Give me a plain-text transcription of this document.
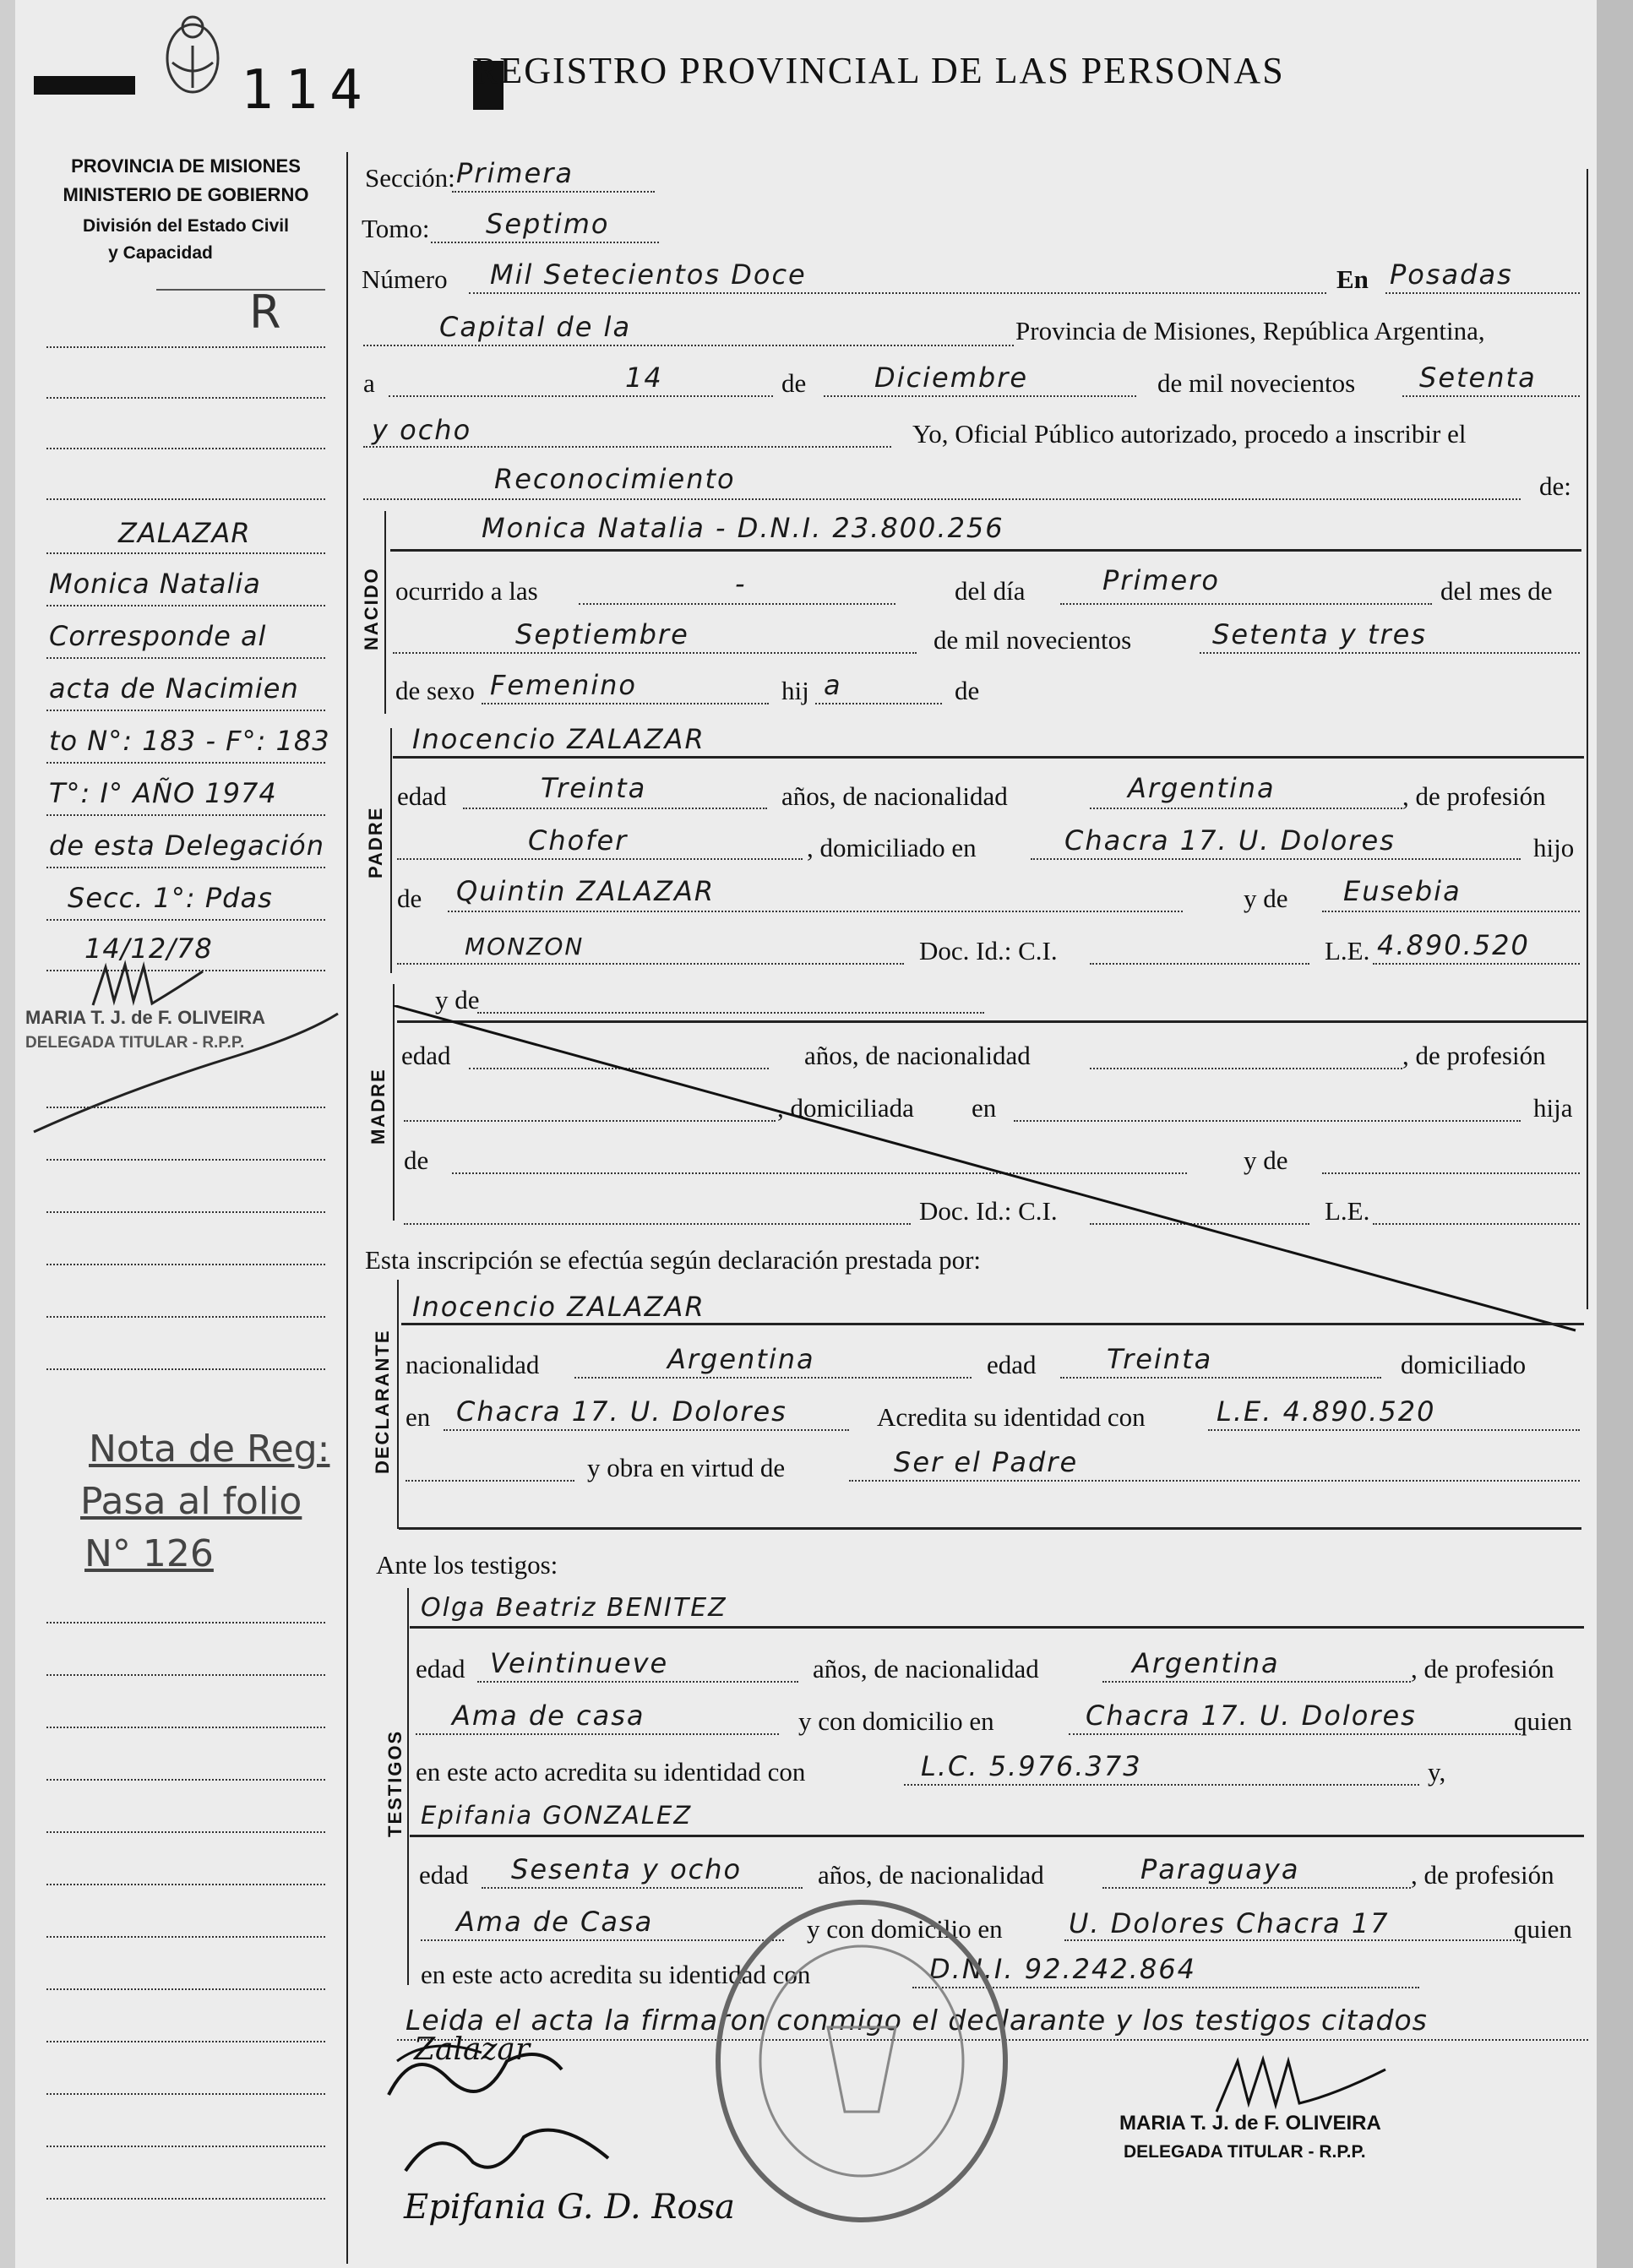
114	REGISTRO PROVINCIAL DE LAS PERSONAS
PROVINCIA DE MISIONES
MINISTERIO DE GOBIERNO
División del Estado Civil
y Capacidad
R
ZALAZAR
Monica Natalia
Corresponde al
acta de Nacimien
to N°: 183 - F°: 183
T°: I° AÑO 1974
de esta Delegación
Secc. 1°: Pdas
14/12/78
MARIA T. J. de F. OLIVEIRA
DELEGADA TITULAR - R.P.P.
Nota de Reg:
Pasa al folio
N° 126
Sección: Primera
Tomo: Septimo
Número Mil Setecientos Doce	En Posadas
Capital de la	Provincia de Misiones, República Argentina,
a	14	de	Diciembre	de mil novecientos Setenta
y ocho	Yo, Oficial Público autorizado, procedo a inscribir el
Reconocimiento	de:
NACIDO
Monica Natalia - D.N.I. 23.800.256
ocurrido a las	-	del día	Primero	del mes de
Septiembre	de mil novecientos	Setenta y tres
de sexo Femenino	hij a	de
PADRE
Inocencio ZALAZAR
edad	Treinta	años, de nacionalidad	Argentina	, de profesión
Chofer	, domiciliado en	Chacra 17. U. Dolores	hijo
de Quintin ZALAZAR	y de Eusebia
MONZON	Doc. Id.: C.I.	L.E. 4.890.520
MADRE
y de
edad	años, de nacionalidad	, de profesión
, domiciliada en	hija
de	y de
Doc. Id.: C.I.	L.E.
Esta inscripción se efectúa según declaración prestada por:
DECLARANTE
Inocencio ZALAZAR
nacionalidad	Argentina	edad	Treinta	domiciliado
en Chacra 17. U. Dolores	Acredita su identidad con	L.E. 4.890.520
y obra en virtud de	Ser el Padre
Ante los testigos:
TESTIGOS
Olga Beatriz BENITEZ
edad Veintinueve	años, de nacionalidad	Argentina	, de profesión
Ama de casa	y con domicilio en	Chacra 17. U. Dolores	quien
en este acto acredita su identidad con	L.C. 5.976.373	y,
Epifania GONZALEZ
edad Sesenta y ocho	años, de nacionalidad	Paraguaya	, de profesión
Ama de Casa	y con domicilio en U. Dolores Chacra 17	quien
en este acto acredita su identidad con	D.N.I. 92.242.864
Leida el acta la firmaron conmigo el declarante y los testigos citados
Zalazar
Epifania G. D. Rosa
MARIA T. J. de F. OLIVEIRA
DELEGADA TITULAR - R.P.P.
